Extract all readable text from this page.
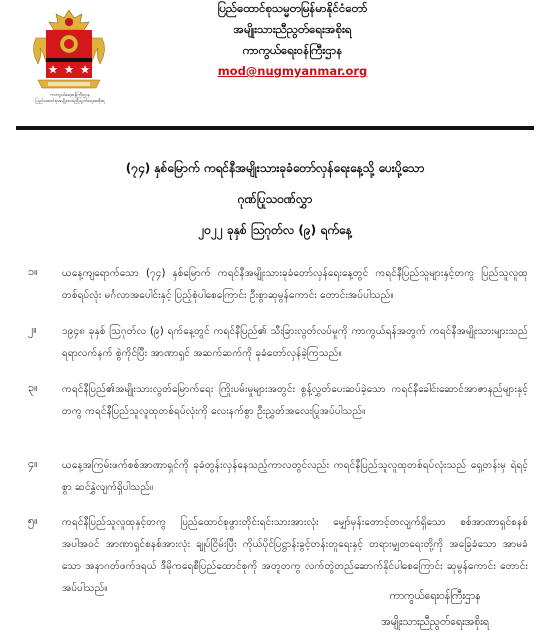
ကာကွယ်ရေးဝန်ကြီးဌာန
ပြည်ထောင်စုအမျိုးသားညီညွတ်ရေးအစိုးရ
ပြည်ထောင်စုသမ္မတမြန်မာနိုင်ငံတော်
အမျိုးသားညီညွတ်ရေးအစိုးရ
ကာကွယ်ရေးဝန်ကြီးဌာန
mod@nugmyanmar.org
(၇၄) နှစ်မြောက် ကရင်နီအမျိုးသားခုခံတော်လှန်ရေးနေ့သို့ ပေးပို့သော
ဂုဏ်ပြုသဝဏ်လွှာ
၂၀၂၂ ခုနှစ် ဩဂုတ်လ (၉) ရက်နေ့
၁။	ယနေ့ကျရောက်သော (၇၄) နှစ်မြောက် ကရင်နီအမျိုးသားခုခံတော်လှန်ရေးနေ့တွင် ကရင်နီပြည်သူများနှင့်တကွ ပြည်သူလူထုတစ်ရပ်လုံး မင်္ဂလာအပေါင်းနှင့် ပြည့်စုံပါစေကြောင်း ဦးစွာဆုမွန်ကောင်း တောင်းအပ်ပါသည်။
၂။	၁၉၄၈ ခုနှစ် ဩဂုတ်လ (၉) ရက်နေ့တွင် ကရင်နီပြည်၏ သီးခြားလွတ်လပ်မှုကို ကာကွယ်ရန်အတွက် ကရင်နီအမျိုးသားများသည် ရရာလက်နက် စွဲကိုင်ပြီး အာဏာရှင် အဆက်ဆက်ကို ခုခံတော်လှန်ခဲ့ကြသည်။
၃။	ကရင်နီပြည်၏အမျိုးသားလွတ်မြောက်ရေး ကြိုးပမ်းမှုများအတွင်း စွန့်လွှတ်ပေးဆပ်ခဲ့သော ကရင်နီခေါင်းဆောင်အာဇာနည်များနှင့်တကွ ကရင်နီပြည်သူလူထုတစ်ရပ်လုံးကို လေးနက်စွာ ဦးညွှတ်အလေးပြုအပ်ပါသည်။
၄။	ယနေ့အကြမ်းဖက်စစ်အာဏာရှင်ကို ခုခံတွန်းလှန်နေသည့်ကာလတွင်လည်း ကရင်နီပြည်သူလူထုတစ်ရပ်လုံးသည် ရှေ့တန်းမှ ရဲရင့်စွာ ဆင်နွှဲလျက်ရှိပါသည်။
၅။	ကရင်နီပြည်သူလူထုနှင့်တကွ ပြည်ထောင်စုဖွားတိုင်းရင်းသားအားလုံး မျှော်မှန်းတောင့်တလျက်ရှိသော စစ်အာဏာရှင်စနစ်အပါအဝင် အာဏာရှင်စနစ်အားလုံး ချုပ်ငြိမ်းပြီး ကိုယ်ပိုင်ပြဋ္ဌာန်းခွင့်တန်းတူရေးနှင့် တရားမျှတရေးတို့ကို အခြေခံသော အာမခံသော အနာဂတ်ဖက်ဒရယ် ဒီမိုကရေစီပြည်ထောင်စုကို အတူတကွ လက်တွဲတည်ဆောက်နိုင်ပါစေကြောင်း ဆုမွန်ကောင်း တောင်းအပ်ပါသည်။
ကာကွယ်ရေးဝန်ကြီးဌာန
အမျိုးသားညီညွတ်ရေးအစိုးရ
